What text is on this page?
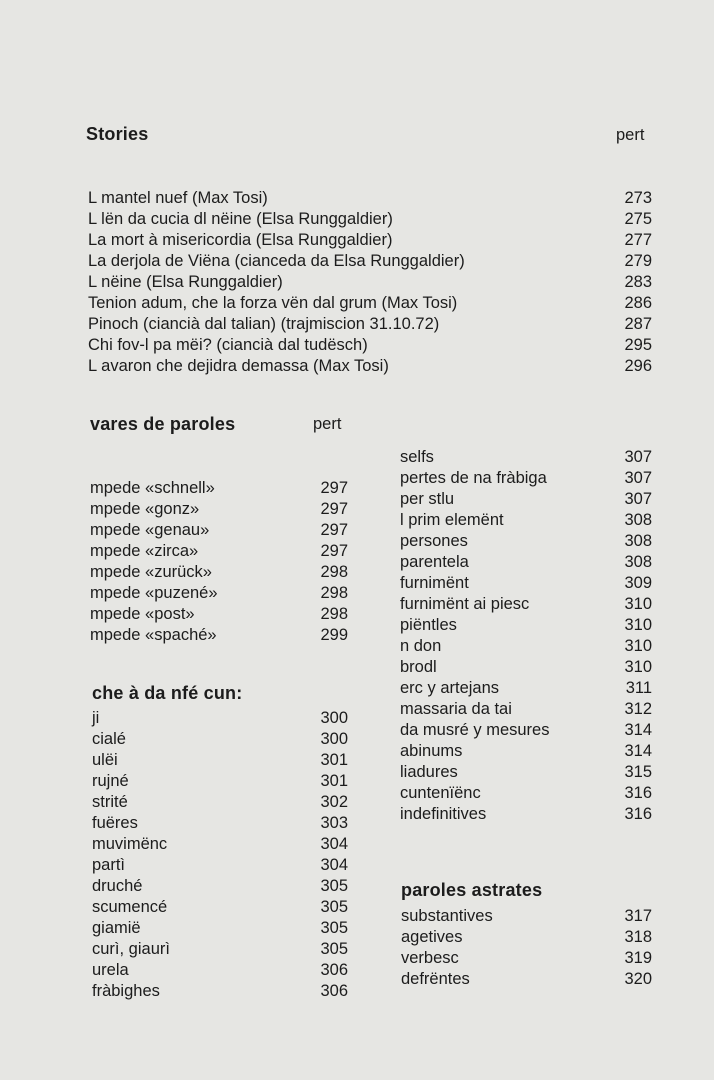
Stories	pert
L mantel nuef (Max Tosi)	273
L lën da cucia dl nëine (Elsa Runggaldier)	275
La mort à misericordia (Elsa Runggaldier)	277
La derjola de Viëna (cianceda da Elsa Runggaldier)	279
L nëine (Elsa Runggaldier)	283
Tenion adum, che la forza vën dal grum (Max Tosi)	286
Pinoch (ciancià dal talian) (trajmiscion 31.10.72)	287
Chi fov-l pa mëi? (ciancià dal tudësch)	295
L avaron che dejidra demassa (Max Tosi)	296
vares de paroles	pert
mpede «schnell»	297
mpede «gonz»	297
mpede «genau»	297
mpede «zirca»	297
mpede «zurück»	298
mpede «puzené»	298
mpede «post»	298
mpede «spaché»	299
che à da nfé cun:
ji	300
cialé	300
ulëi	301
rujné	301
strité	302
fuëres	303
muvimënc	304
partì	304
druché	305
scumencé	305
giamië	305
curì, giaurì	305
urela	306
fràbighes	306
selfs	307
pertes de na fràbiga	307
per stlu	307
l prim elemënt	308
persones	308
parentela	308
furnimënt	309
furnimënt ai piesc	310
piëntles	310
n don	310
brodl	310
erc y artejans	311
massaria da tai	312
da musré y mesures	314
abinums	314
liadures	315
cuntenïënc	316
indefinitives	316
paroles astrates
substantives	317
agetives	318
verbesc	319
defrëntes	320
